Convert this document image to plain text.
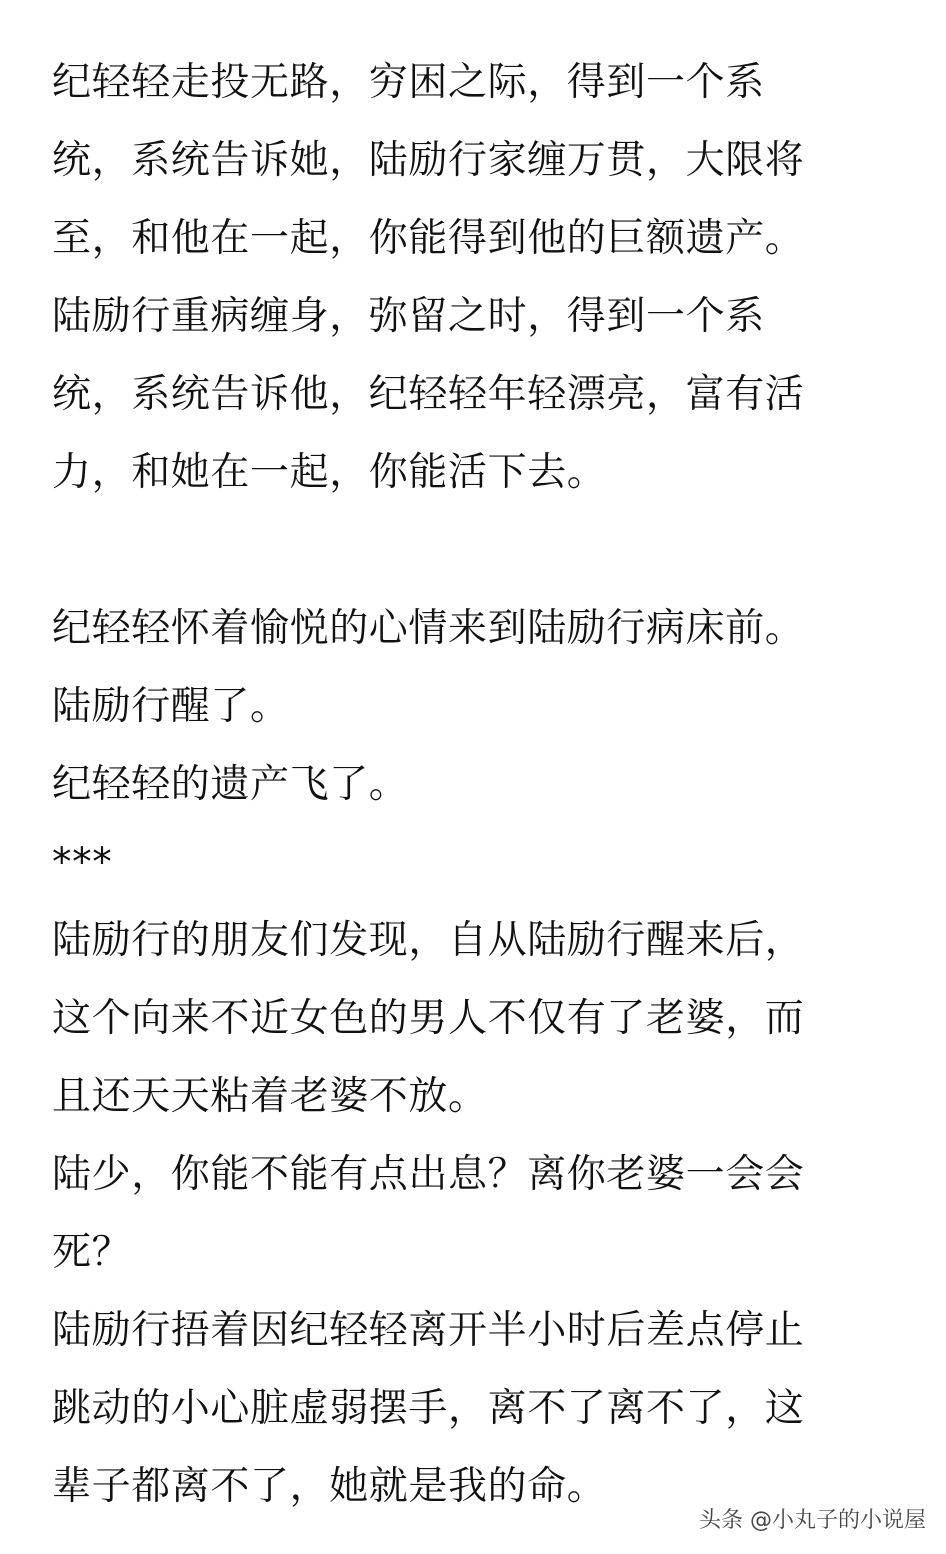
纪轻轻走投无路，穷困之际，得到一个系
统，系统告诉她，陆励行家缠万贯，大限将
至，和他在一起，你能得到他的巨额遗产。
陆励行重病缠身，弥留之时，得到一个系
统，系统告诉他，纪轻轻年轻漂亮，富有活
力，和她在一起，你能活下去。
纪轻轻怀着愉悦的心情来到陆励行病床前。
陆励行醒了。
纪轻轻的遗产飞了。
***
陆励行的朋友们发现，自从陆励行醒来后，
这个向来不近女色的男人不仅有了老婆，而
且还天天粘着老婆不放。
陆少，你能不能有点出息？离你老婆一会会
死？
陆励行捂着因纪轻轻离开半小时后差点停止
跳动的小心脏虚弱摆手，离不了离不了，这
辈子都离不了，她就是我的命。
头条 @小丸子的小说屋
